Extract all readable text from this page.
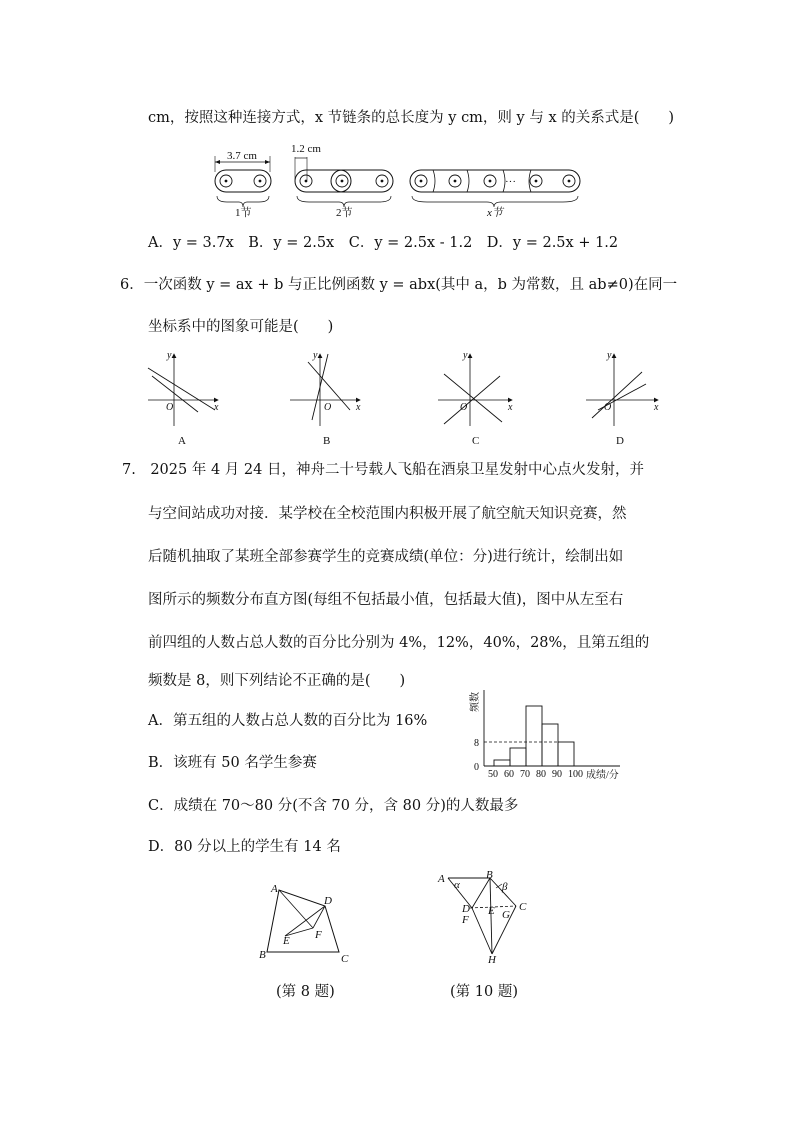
cm，按照这种连接方式，x 节链条的总长度为 y cm，则 y 与 x 的关系式是(　　)
3.7 cm
1节
1.2 cm
2节
···
x节
A．y = 3.7x　B．y = 2.5x　C．y = 2.5x - 1.2　D．y = 2.5x + 1.2
6．一次函数 y = ax + b 与正比例函数 y = abx(其中 a，b 为常数，且 ab≠0)在同一
坐标系中的图象可能是(　　)
x
y
O
A
x
y
O
B
x
y
O
C
x
y
O
D
7.　2025 年 4 月 24 日，神舟二十号载人飞船在酒泉卫星发射中心点火发射，并
与空间站成功对接．某学校在全校范围内积极开展了航空航天知识竞赛，然
后随机抽取了某班全部参赛学生的竞赛成绩(单位：分)进行统计，绘制出如
图所示的频数分布直方图(每组不包括最小值，包括最大值)，图中从左至右
前四组的人数占总人数的百分比分别为 4%，12%，40%，28%，且第五组的
频数是 8，则下列结论不正确的是(　　)
A．第五组的人数占总人数的百分比为 16%
B．该班有 50 名学生参赛
C．成绩在 70～80 分(不含 70 分，含 80 分)的人数最多
D．80 分以上的学生有 14 名
频数
成绩/分
50 60 70 80 90 100
0
8
A
B	C
D
E F
(第 8 题)
A	B
C
D E
F	G
H
α	β
(第 10 题)
